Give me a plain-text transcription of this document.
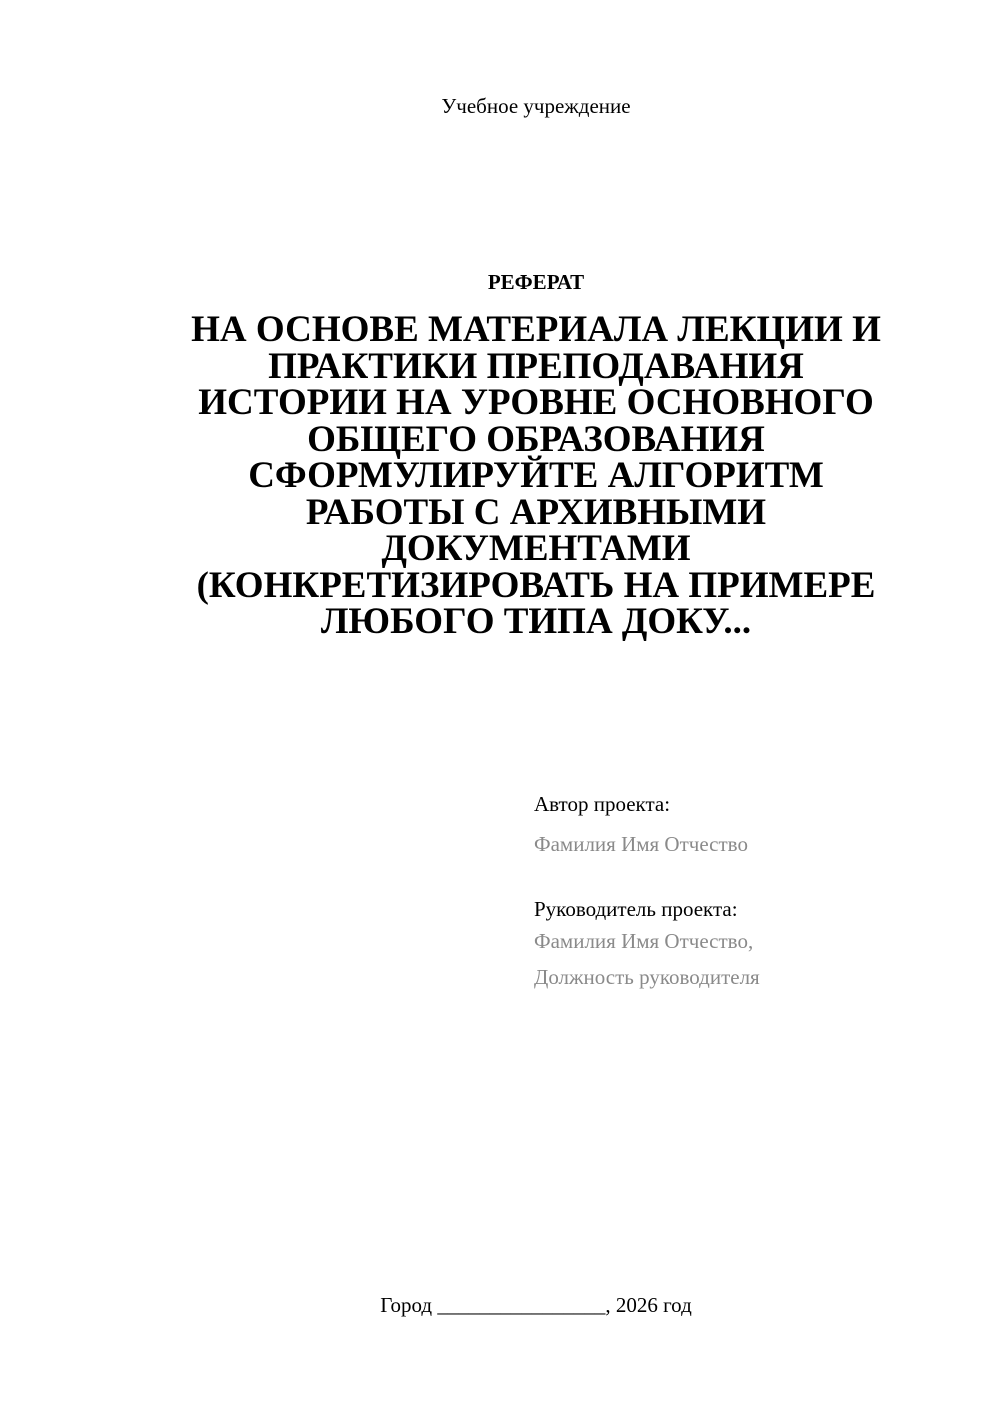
Учебное учреждение
РЕФЕРАТ
НА ОСНОВЕ МАТЕРИАЛА ЛЕКЦИИ И ПРАКТИКИ ПРЕПОДАВАНИЯ ИСТОРИИ НА УРОВНЕ ОСНОВНОГО ОБЩЕГО ОБРАЗОВАНИЯ СФОРМУЛИРУЙТЕ АЛГОРИТМ РАБОТЫ С АРХИВНЫМИ ДОКУМЕНТАМИ (КОНКРЕТИЗИРОВАТЬ НА ПРИМЕРЕ ЛЮБОГО ТИПА ДОКУ...
Автор проекта:
Фамилия Имя Отчество
Руководитель проекта:
Фамилия Имя Отчество,
Должность руководителя
Город ________________, 2026 год
